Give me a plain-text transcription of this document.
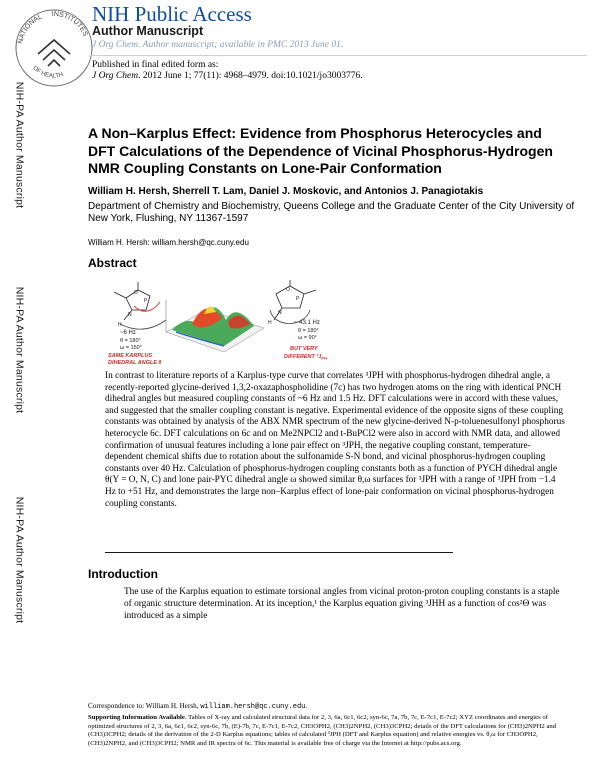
NATIONAL INSTITUTES
OF HEALTH
NIH Public Access
Author Manuscript
J Org Chem. Author manuscript; available in PMC 2013 June 01.
Published in final edited form as:
J Org Chem. 2012 June 1; 77(11): 4968–4979. doi:10.1021/jo3003776.
NIH-PA Author Manuscript
NIH-PA Author Manuscript
NIH-PA Author Manuscript
A Non–Karplus Effect: Evidence from Phosphorus Heterocycles and DFT Calculations of the Dependence of Vicinal Phosphorus-Hydrogen NMR Coupling Constants on Lone-Pair Conformation
William H. Hersh, Sherrell T. Lam, Daniel J. Moskovic, and Antonios J. Panagiotakis
Department of Chemistry and Biochemistry, Queens College and the Graduate Center of the City University of New York, Flushing, NY 11367-1597
William H. Hersh: william.hersh@qc.cuny.edu
Abstract
O
P
N
H
~6 Hz
θ = 180°
ω = 150°
SAME KARPLUS
DIHEDRAL ANGLE θ
O
P
N
H	~ 43.1 Hz
θ = 180°
ω = 90°
BUT VERY
DIFFERENT $^3J_{PH}$
In contrast to literature reports of a Karplus-type curve that correlates ³JPH with phosphorus-hydrogen dihedral angle, a recently-reported glycine-derived 1,3,2-oxazaphospholidine (7c) has two hydrogen atoms on the ring with identical PNCH dihedral angles but measured coupling constants of ~6 Hz and 1.5 Hz. DFT calculations were in accord with these values, and suggested that the smaller coupling constant is negative. Experimental evidence of the opposite signs of these coupling constants was obtained by analysis of the ABX NMR spectrum of the new glycine-derived N-p-toluenesulfonyl phosphorus heterocycle 6c. DFT calculations on 6c and on Me2NPCl2 and t-BuPCl2 were also in accord with NMR data, and allowed confirmation of unusual features including a lone pair effect on ³JPH, the negative coupling constant, temperature-dependent chemical shifts due to rotation about the sulfonamide S-N bond, and vicinal phosphorus-hydrogen coupling constants over 40 Hz. Calculation of phosphorus-hydrogen coupling constants both as a function of PYCH dihedral angle θ(Y = O, N, C) and lone pair-PYC dihedral angle ω showed similar θ,ω surfaces for ³JPH with a range of ³JPH from −1.4 Hz to +51 Hz, and demonstrates the large non–Karplus effect of lone-pair conformation on vicinal phosphorus-hydrogen coupling constants.
Introduction
The use of the Karplus equation to estimate torsional angles from vicinal proton-proton coupling constants is a staple of organic structure determination. At its inception,¹ the Karplus equation giving ³JHH as a function of cos²Θ was introduced as a simple
Correspondence to: William H. Hersh, william.hersh@qc.cuny.edu.
Supporting Information Available. Tables of X-ray and calculated structural data for 2, 3, 6a, 6c1, 6c2, syn-6c, 7a, 7b, 7c, E-7c1, E-7c2; XYZ coordinates and energies of optimized structures of 2, 3, 6a, 6c1, 6c2, syn-6c, 7b, (E)-7b, 7c, E-7c1, E-7c2, CH3OPH2, (CH3)2NPH2, (CH3)3CPH2; details of the DFT calculations for (CH3)2NPH2 and (CH3)3CPH2; details of the derivation of the 2-D Karplus equations; tables of calculated ³JPH (DFT and Karplus equation) and relative energies vs. θ,ω for CH3OPH2, (CH3)2NPH2, and (CH3)3CPH2; NMR and IR spectra of 6c. This material is available free of charge via the Internet at http://pubs.acs.org.
